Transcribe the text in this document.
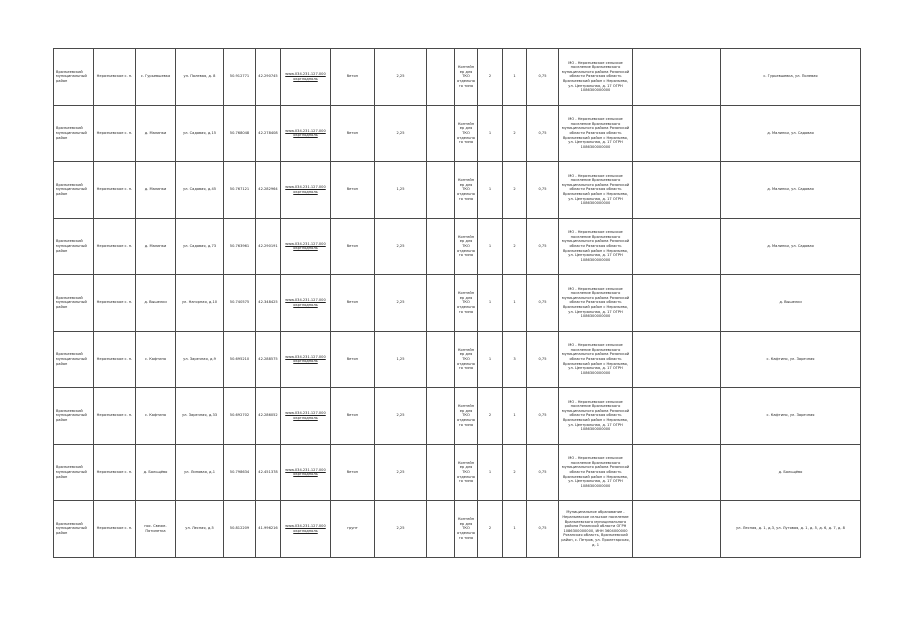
Вразъеевский муниципальный район	Неразъевское с. п.	с. Гурьевшевка	ул. Полевая, д. 8	50.912771	42.290745	www.034.231.127.000 окрглодполь	бетон	2,25		Контейнер для ТКО отдельного типа	2	1	0,75	МО - Неразъевское сельское поселение Вразъеевского муниципального района Рязанской области Рязанская область Вразъеевский район с Неразъево, ул. Центральная, д. 17 ОГРН 1086300000000		с. Гурьевшевка, ул. Полевая
Вразъеевский муниципальный район	Неразъевское с. п.	д. Малинки	ул. Садовая, д.15	50.768048	42.278408	www.034.231.127.000 окрглодполь	бетон	2,25		Контейнер для ТКО отдельного типа	1	2	0,75	МО - Неразъевское сельское поселение Вразъеевского муниципального района Рязанской области Рязанская область Вразъеевский район с Неразъево, ул. Центральная, д. 17 ОГРН 1086300000000		д. Малинки, ул. Садовая
Вразъеевский муниципальный район	Неразъевское с. п.	д. Малинки	ул. Садовая, д.45	50.767121	42.282964	www.034.231.127.000 окрглодполь	бетон	1,25		Контейнер для ТКО отдельного типа	1	2	0,75	МО - Неразъевское сельское поселение Вразъеевского муниципального района Рязанской области Рязанская область Вразъеевский район с Неразъево, ул. Центральная, д. 17 ОГРН 1086300000000		д. Малинки, ул. Садовая
Вразъеевский муниципальный район	Неразъевское с. п.	д. Малинки	ул. Садовая, д.73	50.763961	42.290191	www.034.231.127.000 окрглодполь	бетон	2,25		Контейнер для ТКО отдельного типа	1	2	0,75	МО - Неразъевское сельское поселение Вразъеевского муниципального района Рязанской области Рязанская область Вразъеевский район с Неразъево, ул. Центральная, д. 17 ОГРН 1086300000000		д. Малинки, ул. Садовая
Вразъеевский муниципальный район	Неразъевское с. п.	д. Вышелки	ул. Нагорная, д.10	50.740575	42.348425	www.034.231.127.000 окрглодполь	бетон	2,25		Контейнер для ТКО отдельного типа	1	1	0,75	МО - Неразъевское сельское поселение Вразъеевского муниципального района Рязанской области Рязанская область Вразъеевский район с Неразъево, ул. Центральная, д. 17 ОГРН 1086300000000		д. Вышелки
Вразъеевский муниципальный район	Неразъевское с. п.	с. Кафтино	ул. Заречная, д.9	50.695210	42.288575	www.034.231.127.000 окрглодполь	бетон	1,25		Контейнер для ТКО отдельного типа	1	3	0,75	МО - Неразъевское сельское поселение Вразъеевского муниципального района Рязанской области Рязанская область Вразъеевский район с Неразъево, ул. Центральная, д. 17 ОГРН 1086300000000		с. Кафтино, ул. Заречная
Вразъеевский муниципальный район	Неразъевское с. п.	с. Кафтино	ул. Заречная, д.33	50.692702	42.286052	www.034.231.127.000 окрглодполь	бетон	2,25		Контейнер для ТКО отдельного типа	2	1	0,75	МО - Неразъевское сельское поселение Вразъеевского муниципального района Рязанской области Рязанская область Вразъеевский район с Неразъево, ул. Центральная, д. 17 ОГРН 1086300000000		с. Кафтино, ул. Заречная
Вразъеевский муниципальный район	Неразъевское с. п.	д. Больщёво	ул. Липовая, д.1	50.798634	42.451378	www.034.231.127.000 окрглодполь	бетон	2,25		Контейнер для ТКО отдельного типа	1	2	0,75	МО - Неразъевское сельское поселение Вразъеевского муниципального района Рязанской области Рязанская область Вразъеевский район с Неразъево, ул. Центральная, д. 17 ОГРН 1086300000000		д. Больщёво
Вразъеевский муниципальный район	Неразъевское с. п.	пос. Свеже-Пятилетка	ул. Лесная, д.5	50.812209	41.996216	www.034.231.127.000 окрглодполь	грунт	2,25		Контейнер для ТКО отдельного типа	2	1	0,75	Муниципальное образование - Неразъевское сельское поселение Вразъеевского муниципального района Рязанской области ОГРН 1086300000000, ИНН 3604000000 Рязанская область, Вразъеевский район, с. Петров, ул. Пролетарская, д. 1		ул. Лесная, д. 1, д.3, ул. Луговая, д. 1, д. 5, д. 6, д. 7, д. 8
